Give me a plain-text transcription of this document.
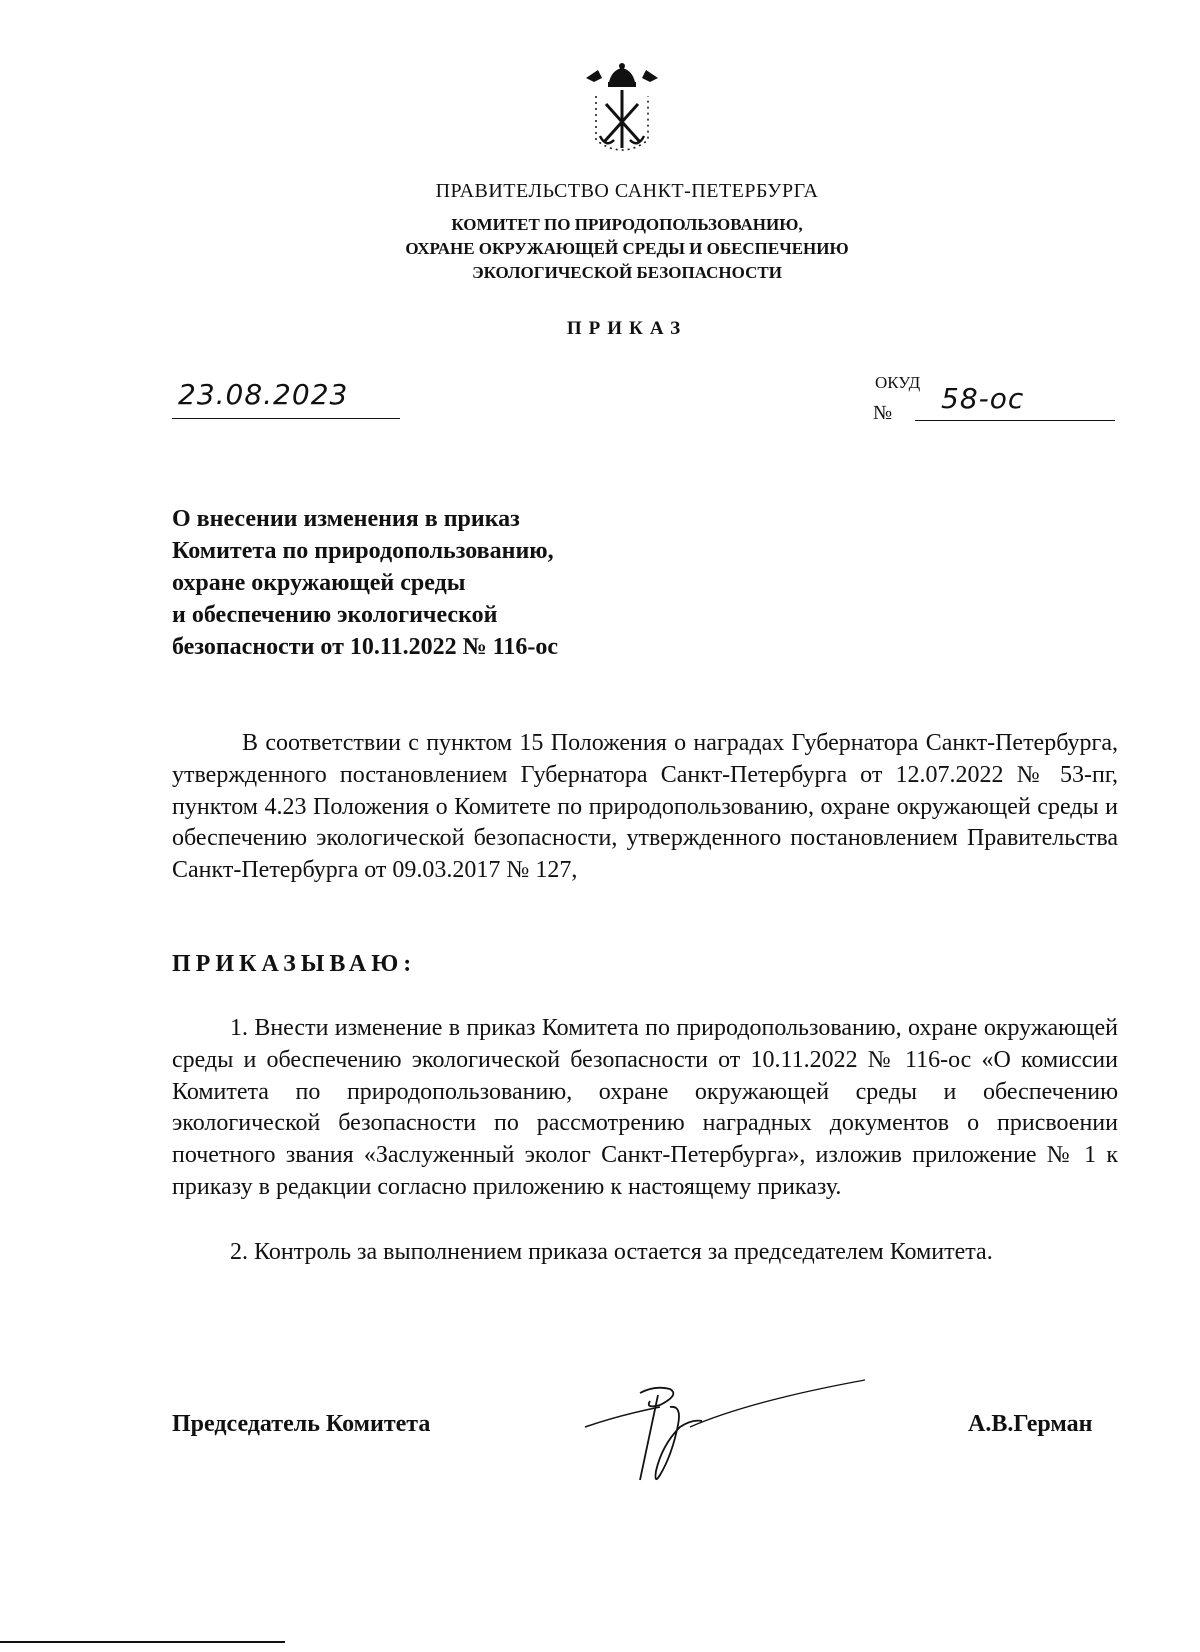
ПРАВИТЕЛЬСТВО САНКТ-ПЕТЕРБУРГА
КОМИТЕТ ПО ПРИРОДОПОЛЬЗОВАНИЮ,
ОХРАНЕ ОКРУЖАЮЩЕЙ СРЕДЫ И ОБЕСПЕЧЕНИЮ
ЭКОЛОГИЧЕСКОЙ БЕЗОПАСНОСТИ
ПРИКАЗ
23.08.2023	ОКУД
№ 58-ос
О внесении изменения в приказ
Комитета по природопользованию,
охране окружающей среды
и обеспечению экологической
безопасности от 10.11.2022 № 116-ос
В соответствии с пунктом 15 Положения о наградах Губернатора Санкт-Петербурга, утвержденного постановлением Губернатора Санкт-Петербурга от 12.07.2022 № 53-пг, пунктом 4.23 Положения о Комитете по природопользованию, охране окружающей среды и обеспечению экологической безопасности, утвержденного постановлением Правительства Санкт-Петербурга от 09.03.2017 № 127,
ПРИКАЗЫВАЮ:
1. Внести изменение в приказ Комитета по природопользованию, охране окружающей среды и обеспечению экологической безопасности от 10.11.2022 № 116-ос «О комиссии Комитета по природопользованию, охране окружающей среды и обеспечению экологической безопасности по рассмотрению наградных документов о присвоении почетного звания «Заслуженный эколог Санкт-Петербурга», изложив приложение № 1 к приказу в редакции согласно приложению к настоящему приказу.
2. Контроль за выполнением приказа остается за председателем Комитета.
Председатель Комитета	А.В.Герман
